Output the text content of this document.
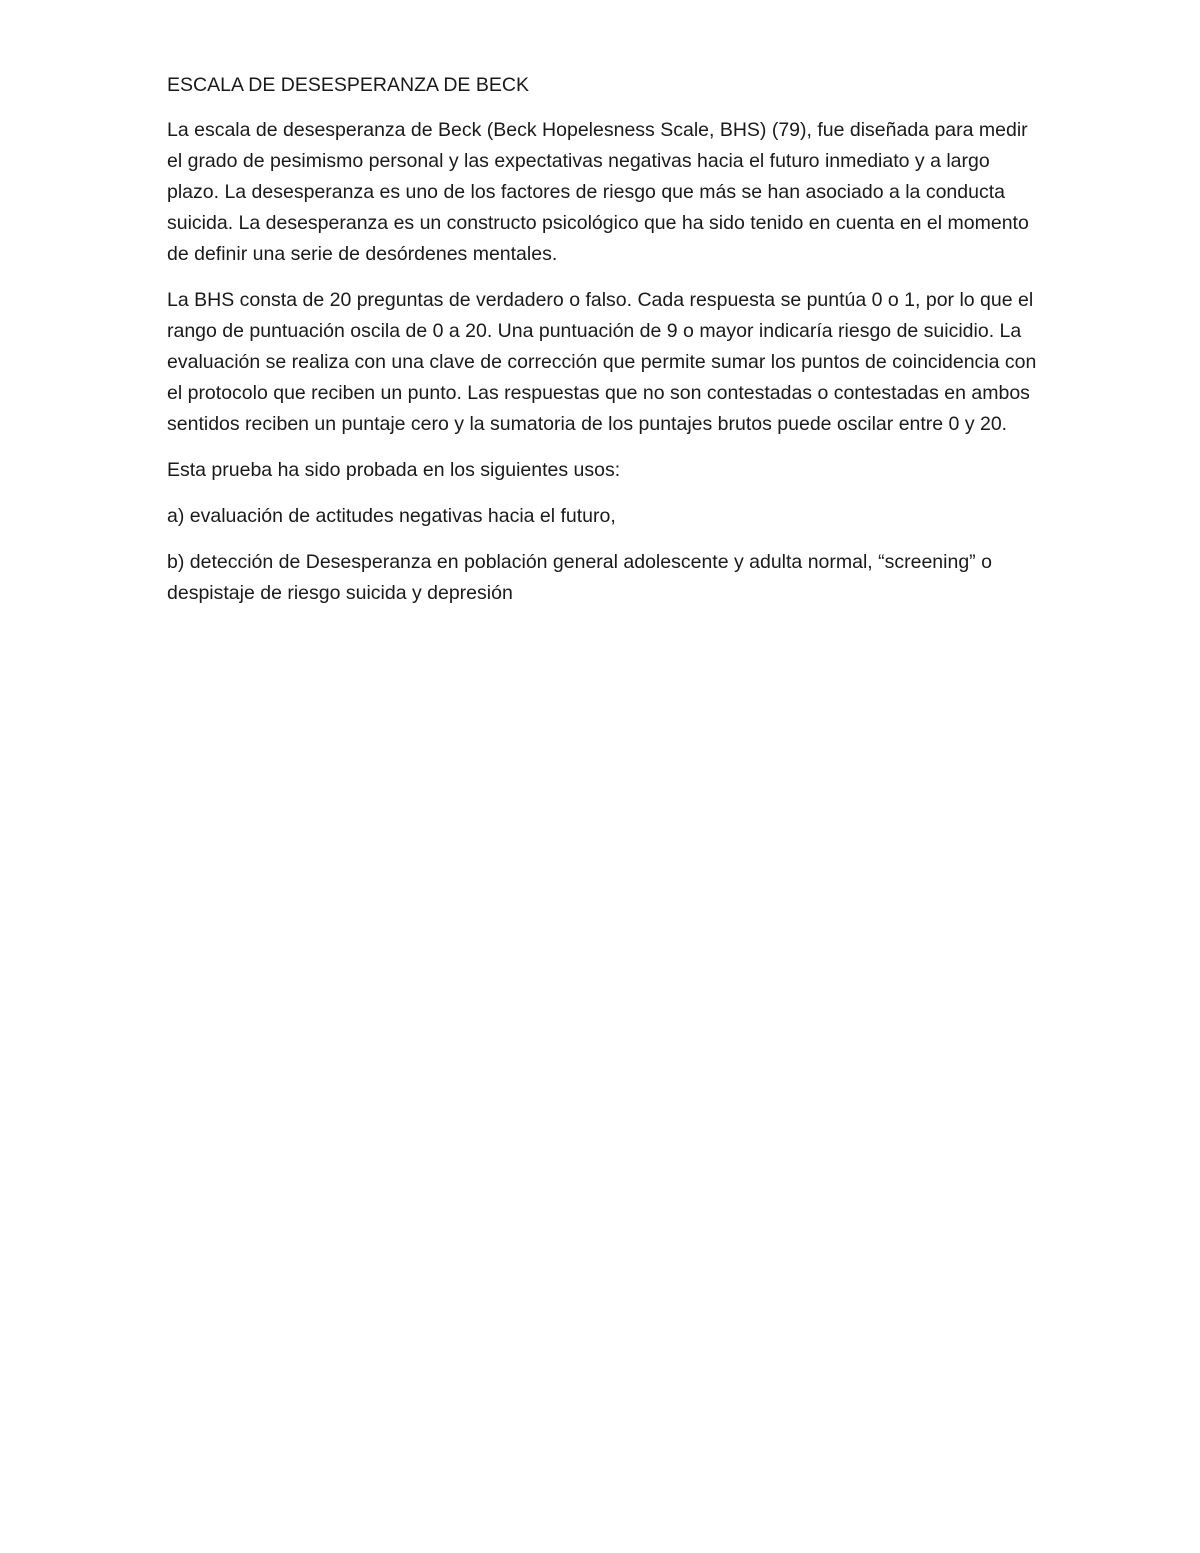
ESCALA DE DESESPERANZA DE BECK

La escala de desesperanza de Beck (Beck Hopelesness Scale, BHS) (79), fue diseñada para medir el grado de pesimismo personal y las expectativas negativas hacia el futuro inmediato y a largo plazo. La desesperanza es uno de los factores de riesgo que más se han asociado a la conducta suicida. La desesperanza es un constructo psicológico que ha sido tenido en cuenta en el momento de definir una serie de desórdenes mentales.

La BHS consta de 20 preguntas de verdadero o falso. Cada respuesta se puntúa 0 o 1, por lo que el rango de puntuación oscila de 0 a 20. Una puntuación de 9 o mayor indicaría riesgo de suicidio. La evaluación se realiza con una clave de corrección que permite sumar los puntos de coincidencia con el protocolo que reciben un punto. Las respuestas que no son contestadas o contestadas en ambos sentidos reciben un puntaje cero y la sumatoria de los puntajes brutos puede oscilar entre 0 y 20.

Esta prueba ha sido probada en los siguientes usos:

a) evaluación de actitudes negativas hacia el futuro,

b) detección de Desesperanza en población general adolescente y adulta normal, “screening” o despistaje de riesgo suicida y depresión
